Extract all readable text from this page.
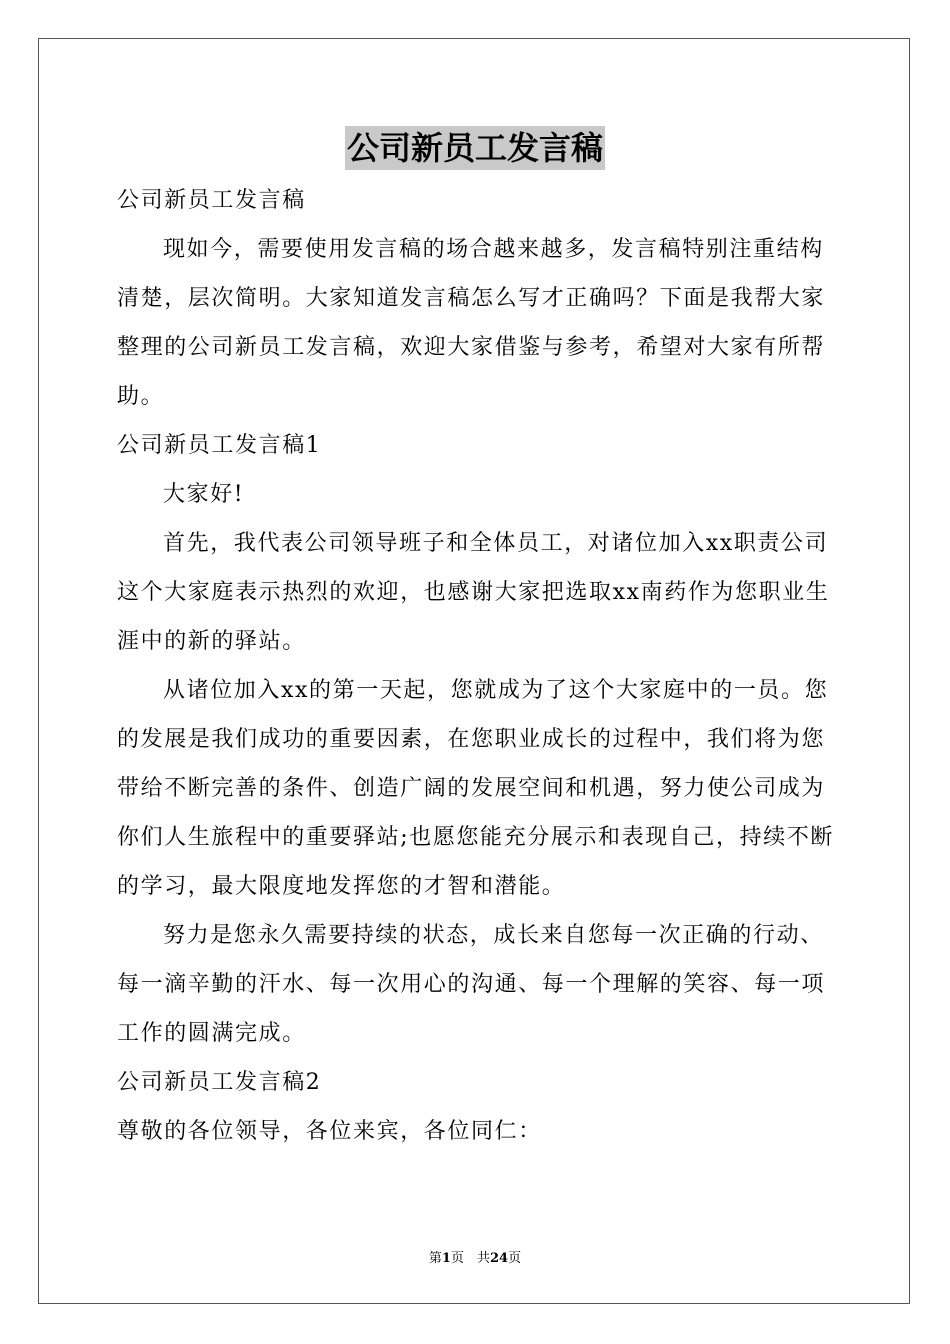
公司新员工发言稿

公司新员工发言稿

现如今，需要使用发言稿的场合越来越多，发言稿特别注重结构清楚，层次简明。大家知道发言稿怎么写才正确吗？下面是我帮大家整理的公司新员工发言稿，欢迎大家借鉴与参考，希望对大家有所帮助。

公司新员工发言稿1

大家好!

首先，我代表公司领导班子和全体员工，对诸位加入xx职责公司这个大家庭表示热烈的欢迎，也感谢大家把选取xx南药作为您职业生涯中的新的驿站。

从诸位加入xx的第一天起，您就成为了这个大家庭中的一员。您的发展是我们成功的重要因素，在您职业成长的过程中，我们将为您带给不断完善的条件、创造广阔的发展空间和机遇，努力使公司成为你们人生旅程中的重要驿站;也愿您能充分展示和表现自己，持续不断的学习，最大限度地发挥您的才智和潜能。

努力是您永久需要持续的状态，成长来自您每一次正确的行动、每一滴辛勤的汗水、每一次用心的沟通、每一个理解的笑容、每一项工作的圆满完成。

公司新员工发言稿2

尊敬的各位领导，各位来宾，各位同仁：

第1页　共24页
